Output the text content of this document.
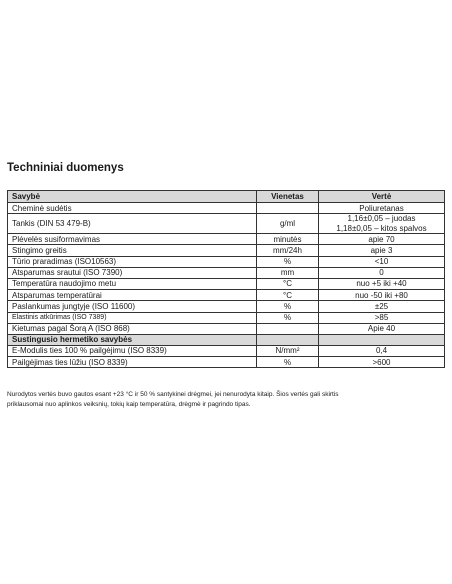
Techniniai duomenys
Savybė	Vienetas	Vertė
Cheminė sudėtis		Poliuretanas
Tankis (DIN 53 479-B)	g/ml	1,16±0,05 – juodas
1,18±0,05 – kitos spalvos

Plėvelės susiformavimas	minutės	apie 70
Stingimo greitis	mm/24h	apie 3
Tūrio praradimas (ISO10563)	%	<10
Atsparumas srautui (ISO 7390)	mm	0
Temperatūra naudojimo metu	°C	nuo +5 iki +40
Atsparumas temperatūrai	°C	nuo -50 iki +80
Paslankumas jungtyje (ISO 11600)	%	±25
Elastinis atkūrimas (ISO 7389)	%	>85
Kietumas pagal Šorą A (ISO 868)		Apie 40
Sustingusio hermetiko savybės		
E-Modulis ties 100 % pailgėjimu (ISO 8339)	N/mm²	0,4
Pailgėjimas ties lūžiu (ISO 8339)	%	>600

Nurodytos vertės buvo gautos esant +23 °C ir 50 % santykinei drėgmei, jei nenurodyta kitaip. Šios vertės gali skirtis
priklausomai nuo aplinkos veiksnių, tokių kaip temperatūra, drėgmė ir pagrindo tipas.
